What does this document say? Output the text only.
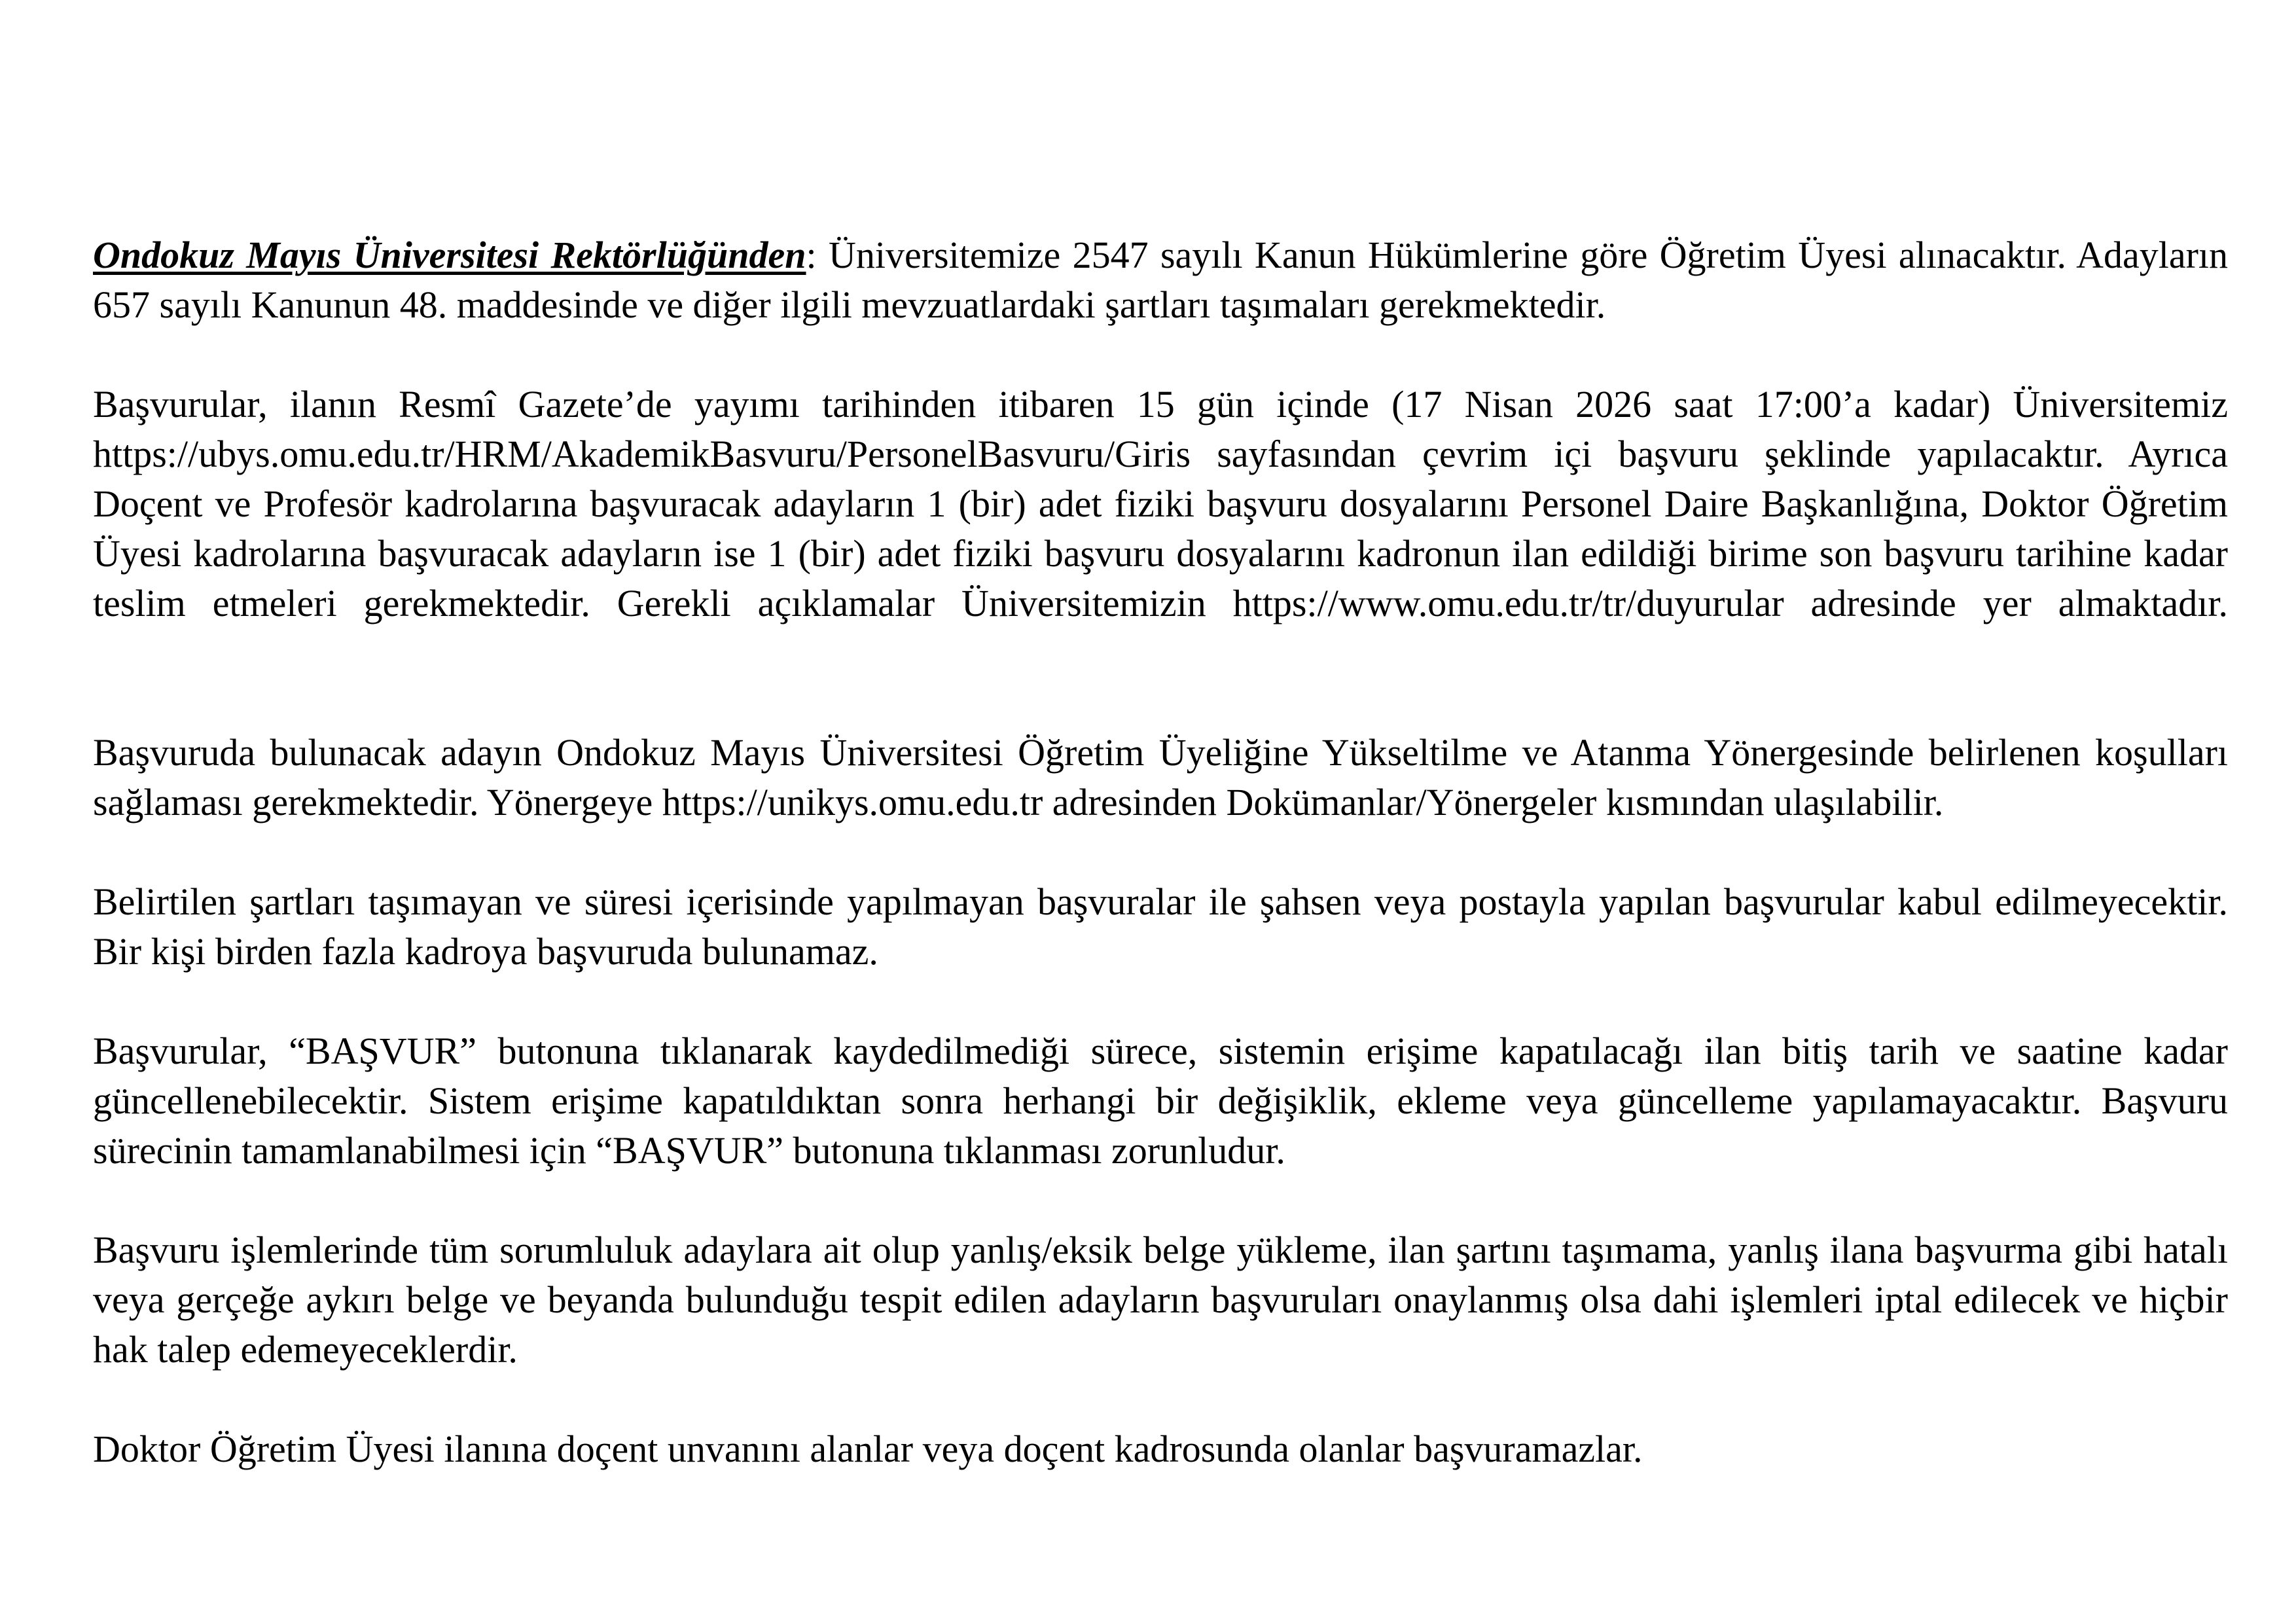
Ondokuz Mayıs Üniversitesi Rektörlüğünden: Üniversitemize 2547 sayılı Kanun Hükümlerine göre Öğretim Üyesi alınacaktır. Adayların 657 sayılı Kanunun 48. maddesinde ve diğer ilgili mevzuatlardaki şartları taşımaları gerekmektedir.

Başvurular, ilanın Resmî Gazete’de yayımı tarihinden itibaren 15 gün içinde (17 Nisan 2026 saat 17:00’a kadar) Üniversitemiz https://ubys.omu.edu.tr/HRM/AkademikBasvuru/PersonelBasvuru/Giris sayfasından çevrim içi başvuru şeklinde yapılacaktır. Ayrıca Doçent ve Profesör kadrolarına başvuracak adayların 1 (bir) adet fiziki başvuru dosyalarını Personel Daire Başkanlığına, Doktor Öğretim Üyesi kadrolarına başvuracak adayların ise 1 (bir) adet fiziki başvuru dosyalarını kadronun ilan edildiği birime son başvuru tarihine kadar teslim etmeleri gerekmektedir. Gerekli açıklamalar Üniversitemizin https://www.omu.edu.tr/tr/duyurular adresinde yer almaktadır.

Başvuruda bulunacak adayın Ondokuz Mayıs Üniversitesi Öğretim Üyeliğine Yükseltilme ve Atanma Yönergesinde belirlenen koşulları sağlaması gerekmektedir. Yönergeye https://unikys.omu.edu.tr adresinden Dokümanlar/Yönergeler kısmından ulaşılabilir.

Belirtilen şartları taşımayan ve süresi içerisinde yapılmayan başvuralar ile şahsen veya postayla yapılan başvurular kabul edilmeyecektir. Bir kişi birden fazla kadroya başvuruda bulunamaz.

Başvurular, “BAŞVUR” butonuna tıklanarak kaydedilmediği sürece, sistemin erişime kapatılacağı ilan bitiş tarih ve saatine kadar güncellenebilecektir. Sistem erişime kapatıldıktan sonra herhangi bir değişiklik, ekleme veya güncelleme yapılamayacaktır. Başvuru sürecinin tamamlanabilmesi için “BAŞVUR” butonuna tıklanması zorunludur.

Başvuru işlemlerinde tüm sorumluluk adaylara ait olup yanlış/eksik belge yükleme, ilan şartını taşımama, yanlış ilana başvurma gibi hatalı veya gerçeğe aykırı belge ve beyanda bulunduğu tespit edilen adayların başvuruları onaylanmış olsa dahi işlemleri iptal edilecek ve hiçbir hak talep edemeyeceklerdir.

Doktor Öğretim Üyesi ilanına doçent unvanını alanlar veya doçent kadrosunda olanlar başvuramazlar.
